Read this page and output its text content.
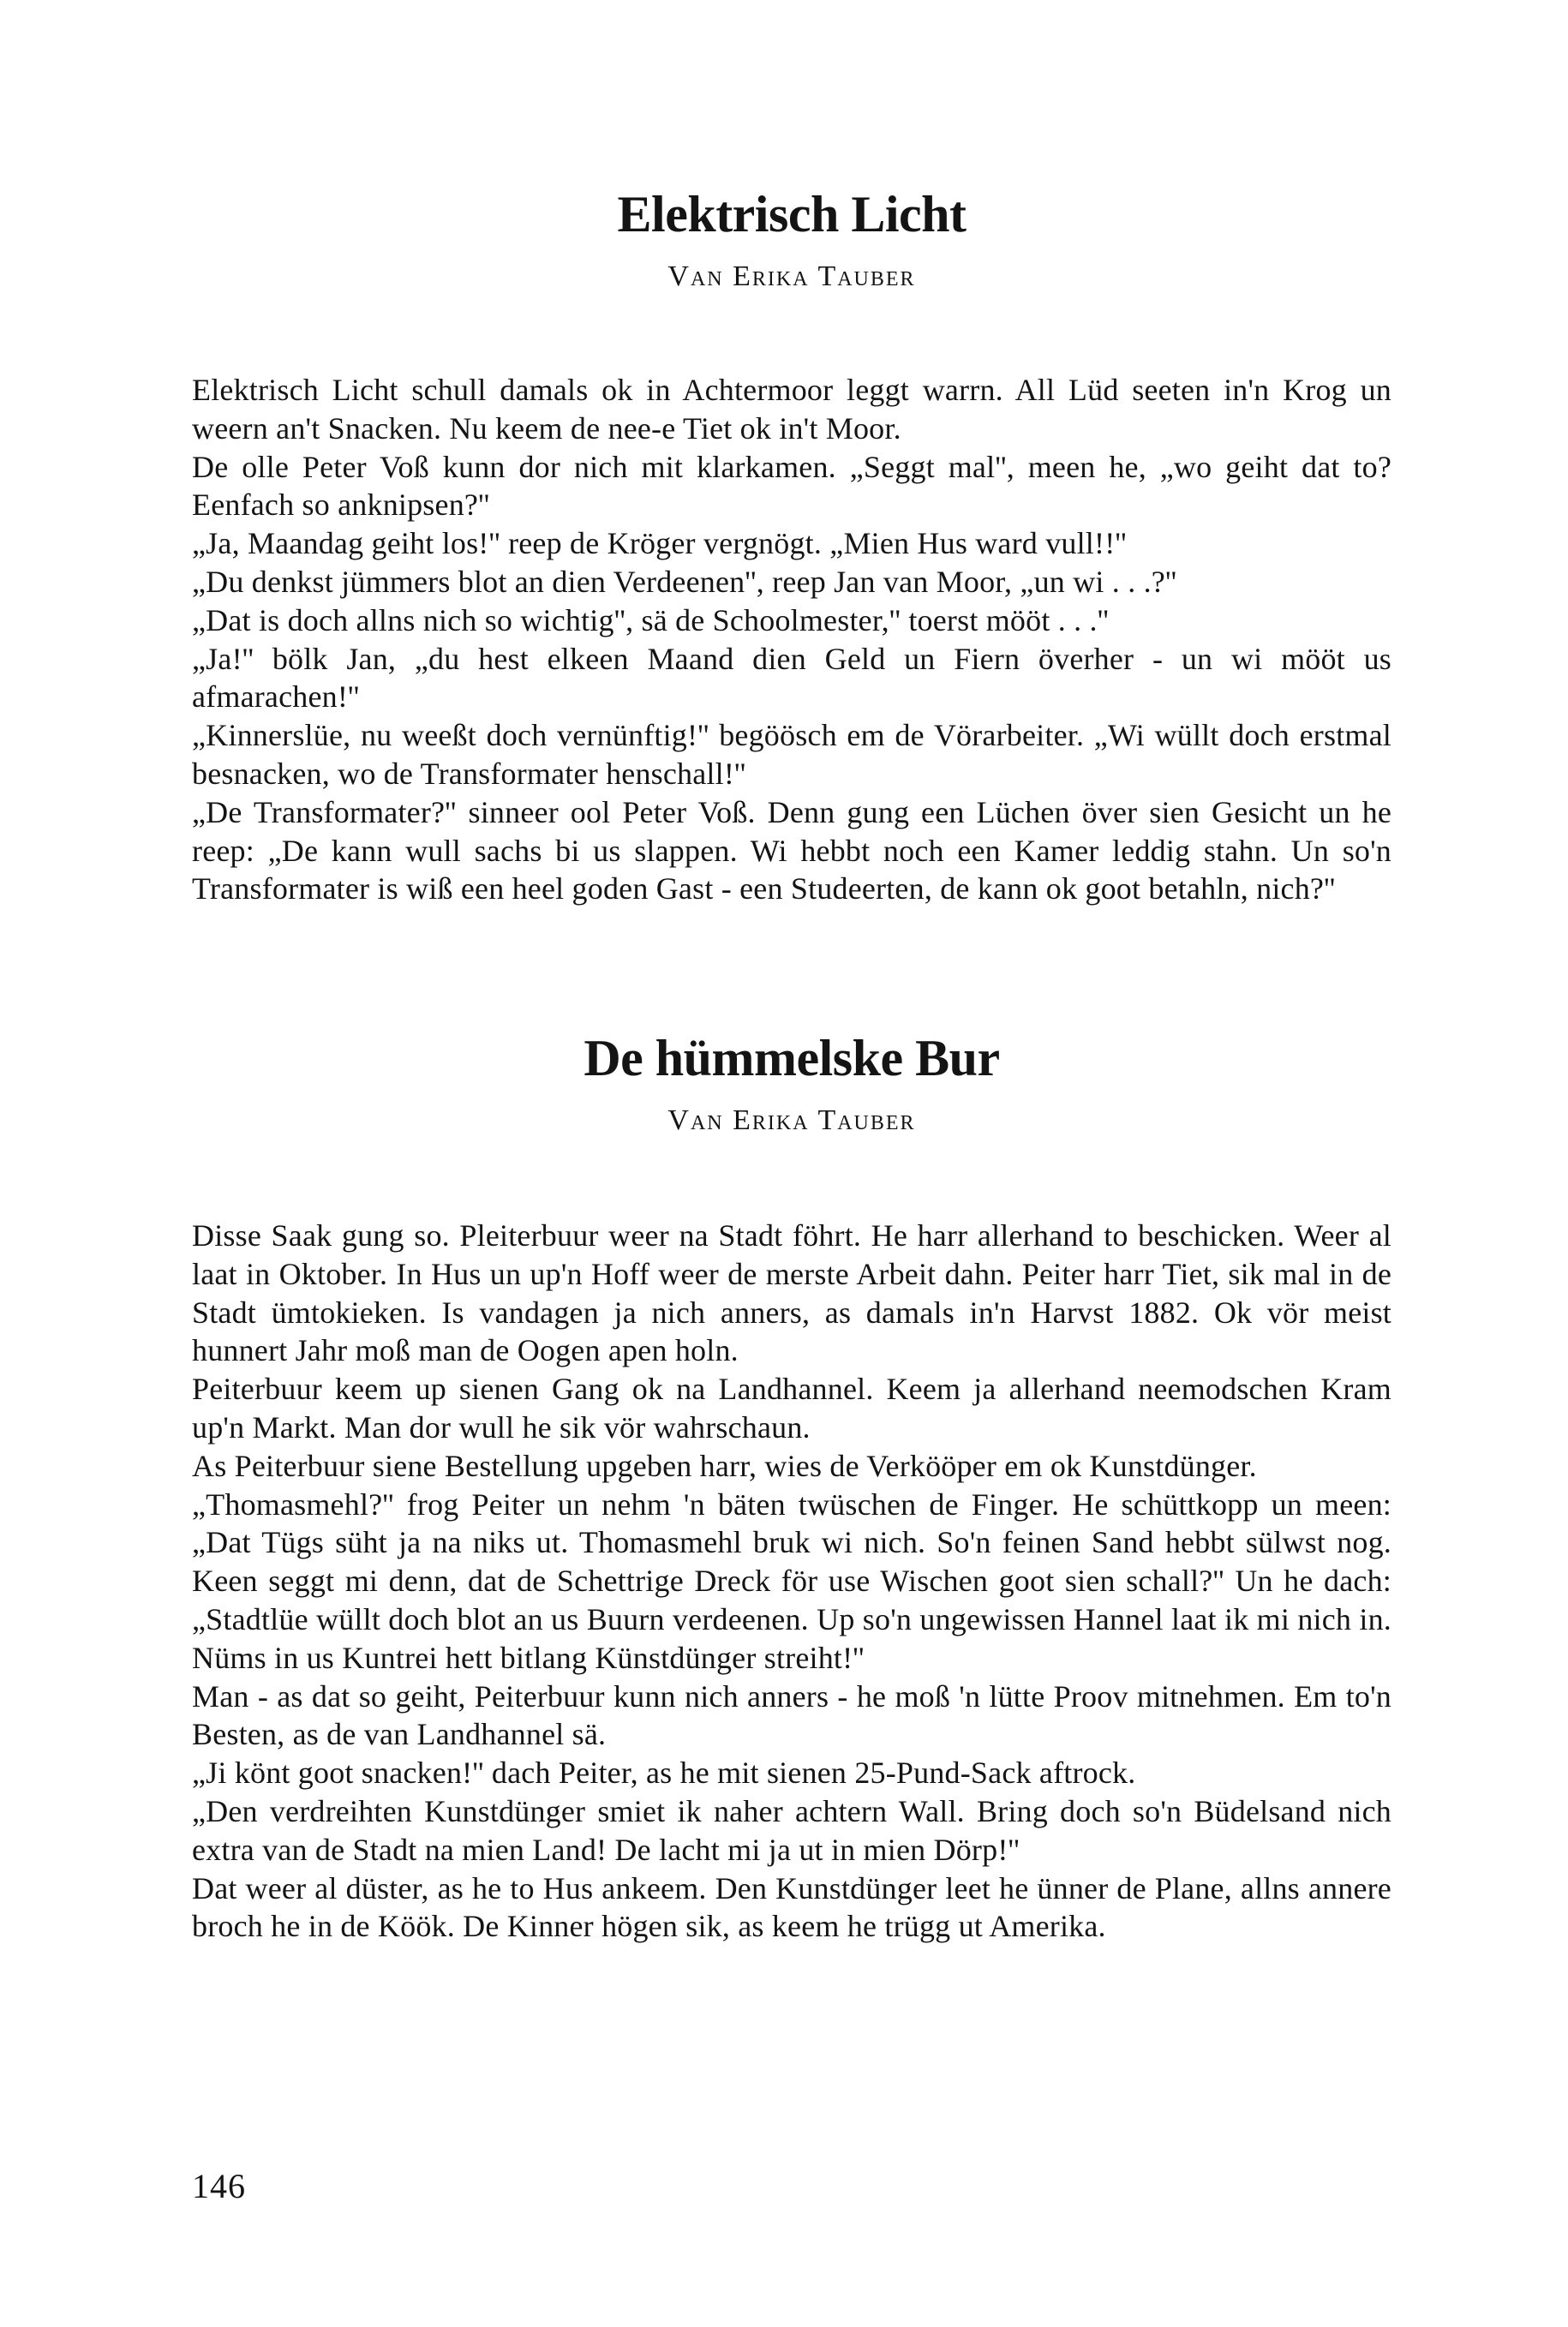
Elektrisch Licht
Van Erika Tauber

Elektrisch Licht schull damals ok in Achtermoor leggt warrn. All Lüd seeten in'n Krog un weern an't Snacken. Nu keem de nee-e Tiet ok in't Moor.

De olle Peter Voß kunn dor nich mit klarkamen. „Seggt mal'', meen he, „wo geiht dat to? Eenfach so anknipsen?''

„Ja, Maandag geiht los!'' reep de Kröger vergnögt. „Mien Hus ward vull!!''

„Du denkst jümmers blot an dien Verdeenen'', reep Jan van Moor, „un wi . . .?''

„Dat is doch allns nich so wichtig'', sä de Schoolmester,'' toerst mööt . . .''

„Ja!'' bölk Jan, „du hest elkeen Maand dien Geld un Fiern överher - un wi mööt us afmarachen!''

„Kinnerslüe, nu weeßt doch vernünftig!'' begöösch em de Vörarbeiter. „Wi wüllt doch erstmal besnacken, wo de Transformater henschall!''

„De Transformater?'' sinneer ool Peter Voß. Denn gung een Lüchen över sien Gesicht un he reep: „De kann wull sachs bi us slappen. Wi hebbt noch een Kamer leddig stahn. Un so'n Transformater is wiß een heel goden Gast - een Studeerten, de kann ok goot betahln, nich?''

De hümmelske Bur
Van Erika Tauber

Disse Saak gung so. Pleiterbuur weer na Stadt föhrt. He harr allerhand to beschicken. Weer al laat in Oktober. In Hus un up'n Hoff weer de merste Arbeit dahn. Peiter harr Tiet, sik mal in de Stadt ümtokieken. Is vandagen ja nich anners, as damals in'n Harvst 1882. Ok vör meist hunnert Jahr moß man de Oogen apen holn.

Peiterbuur keem up sienen Gang ok na Landhannel. Keem ja allerhand neemodschen Kram up'n Markt. Man dor wull he sik vör wahrschaun.

As Peiterbuur siene Bestellung upgeben harr, wies de Verkööper em ok Kunstdünger.

„Thomasmehl?'' frog Peiter un nehm 'n bäten twüschen de Finger. He schüttkopp un meen: „Dat Tügs süht ja na niks ut. Thomasmehl bruk wi nich. So'n feinen Sand hebbt sülwst nog. Keen seggt mi denn, dat de Schettrige Dreck för use Wischen goot sien schall?'' Un he dach: „Stadtlüe wüllt doch blot an us Buurn verdeenen. Up so'n ungewissen Hannel laat ik mi nich in. Nüms in us Kuntrei hett bitlang Künstdünger streiht!''

Man - as dat so geiht, Peiterbuur kunn nich anners - he moß 'n lütte Proov mitnehmen. Em to'n Besten, as de van Landhannel sä.

„Ji könt goot snacken!'' dach Peiter, as he mit sienen 25-Pund-Sack aftrock.

„Den verdreihten Kunstdünger smiet ik naher achtern Wall. Bring doch so'n Büdelsand nich extra van de Stadt na mien Land! De lacht mi ja ut in mien Dörp!''

Dat weer al düster, as he to Hus ankeem. Den Kunstdünger leet he ünner de Plane, allns annere broch he in de Köök. De Kinner högen sik, as keem he trügg ut Amerika.

146
